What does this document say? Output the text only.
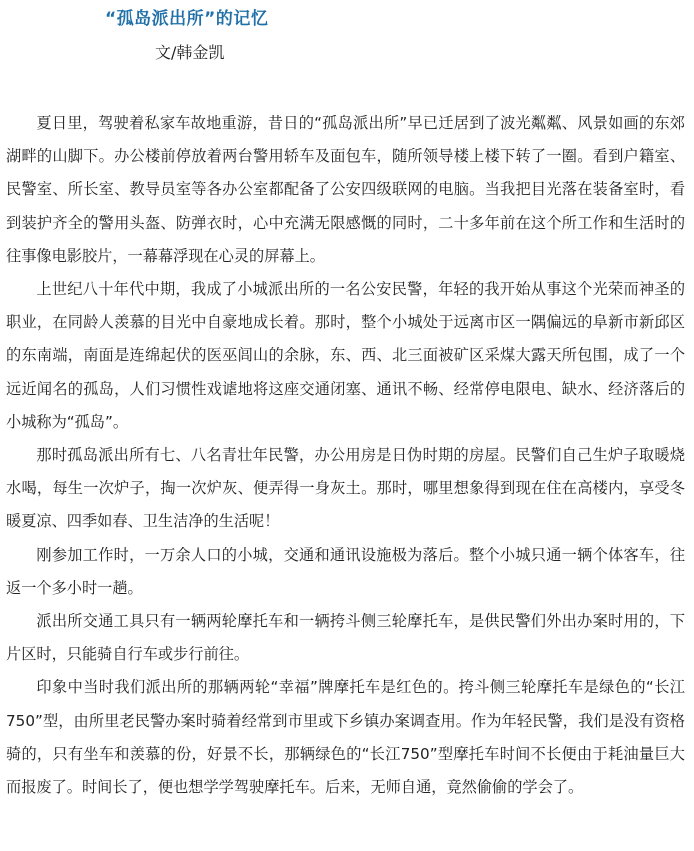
“孤岛派出所”的记忆
文/韩金凯

夏日里，驾驶着私家车故地重游，昔日的“孤岛派出所”早已迁居到了波光粼粼、风景如画的东郊湖畔的山脚下。办公楼前停放着两台警用轿车及面包车，随所领导楼上楼下转了一圈。看到户籍室、民警室、所长室、教导员室等各办公室都配备了公安四级联网的电脑。当我把目光落在装备室时，看到装护齐全的警用头盔、防弹衣时，心中充满无限感慨的同时，二十多年前在这个所工作和生活时的往事像电影胶片，一幕幕浮现在心灵的屏幕上。

上世纪八十年代中期，我成了小城派出所的一名公安民警，年轻的我开始从事这个光荣而神圣的职业，在同龄人羡慕的目光中自豪地成长着。那时，整个小城处于远离市区一隅偏远的阜新市新邱区的东南端，南面是连绵起伏的医巫闾山的余脉，东、西、北三面被矿区采煤大露天所包围，成了一个远近闻名的孤岛，人们习惯性戏谑地将这座交通闭塞、通讯不畅、经常停电限电、缺水、经济落后的小城称为“孤岛”。

那时孤岛派出所有七、八名青壮年民警，办公用房是日伪时期的房屋。民警们自己生炉子取暖烧水喝，每生一次炉子，掏一次炉灰、便弄得一身灰土。那时，哪里想象得到现在住在高楼内，享受冬暖夏凉、四季如春、卫生洁净的生活呢！

刚参加工作时，一万余人口的小城，交通和通讯设施极为落后。整个小城只通一辆个体客车，往返一个多小时一趟。

派出所交通工具只有一辆两轮摩托车和一辆挎斗侧三轮摩托车，是供民警们外出办案时用的，下片区时，只能骑自行车或步行前往。

印象中当时我们派出所的那辆两轮“幸福”牌摩托车是红色的。挎斗侧三轮摩托车是绿色的“长江750”型，由所里老民警办案时骑着经常到市里或下乡镇办案调查用。作为年轻民警，我们是没有资格骑的，只有坐车和羡慕的份，好景不长，那辆绿色的“长江750”型摩托车时间不长便由于耗油量巨大而报废了。时间长了，便也想学学驾驶摩托车。后来，无师自通，竟然偷偷的学会了。
